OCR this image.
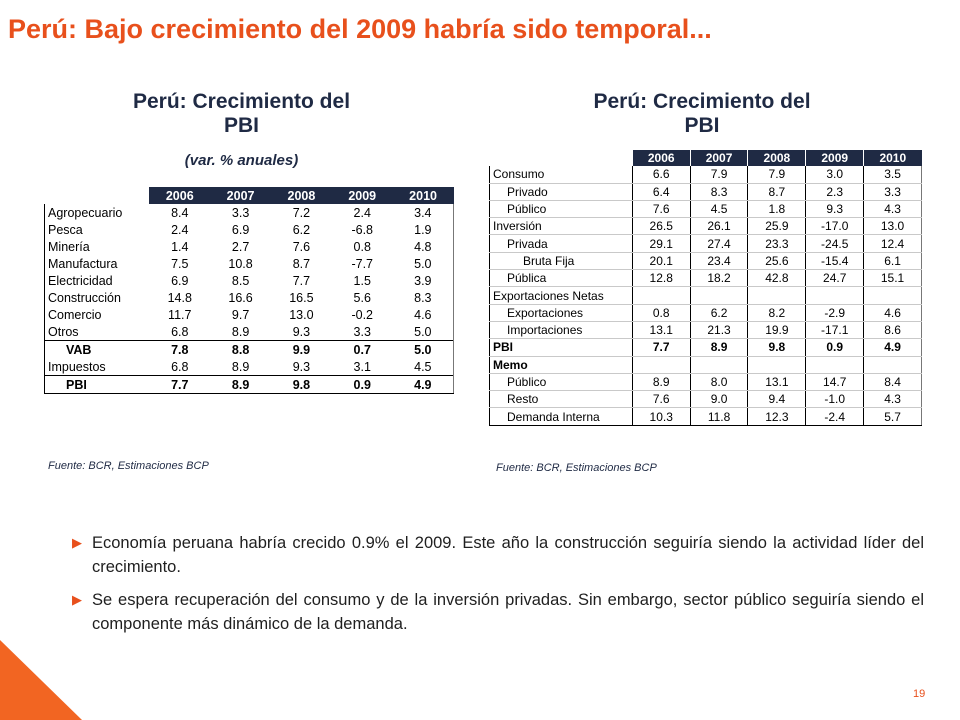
Perú: Bajo crecimiento del 2009 habría sido temporal...
Perú: Crecimiento del
PBI
(var. % anuales)
	2006	2007	2008	2009	2010
Agropecuario	8.4	3.3	7.2	2.4	3.4
Pesca	2.4	6.9	6.2	-6.8	1.9
Minería	1.4	2.7	7.6	0.8	4.8
Manufactura	7.5	10.8	8.7	-7.7	5.0
Electricidad	6.9	8.5	7.7	1.5	3.9
Construcción	14.8	16.6	16.5	5.6	8.3
Comercio	11.7	9.7	13.0	-0.2	4.6
Otros	6.8	8.9	9.3	3.3	5.0
VAB	7.8	8.8	9.9	0.7	5.0
Impuestos	6.8	8.9	9.3	3.1	4.5
PBI	7.7	8.9	9.8	0.9	4.9
Fuente: BCR, Estimaciones BCP
Perú: Crecimiento del
PBI
	2006	2007	2008	2009	2010
Consumo	6.6	7.9	7.9	3.0	3.5
Privado	6.4	8.3	8.7	2.3	3.3
Público	7.6	4.5	1.8	9.3	4.3
Inversión	26.5	26.1	25.9	-17.0	13.0
Privada	29.1	27.4	23.3	-24.5	12.4
Bruta Fija	20.1	23.4	25.6	-15.4	6.1
Pública	12.8	18.2	42.8	24.7	15.1
Exportaciones Netas					
Exportaciones	0.8	6.2	8.2	-2.9	4.6
Importaciones	13.1	21.3	19.9	-17.1	8.6
PBI	7.7	8.9	9.8	0.9	4.9
Memo					
Público	8.9	8.0	13.1	14.7	8.4
Resto	7.6	9.0	9.4	-1.0	4.3
Demanda Interna	10.3	11.8	12.3	-2.4	5.7
Fuente: BCR, Estimaciones BCP
▶ Economía peruana habría crecido 0.9% el 2009. Este año la construcción seguiría siendo la actividad líder del crecimiento.
▶ Se espera recuperación del consumo y de la inversión privadas. Sin embargo, sector público seguiría siendo el componente más dinámico de la demanda.
19
